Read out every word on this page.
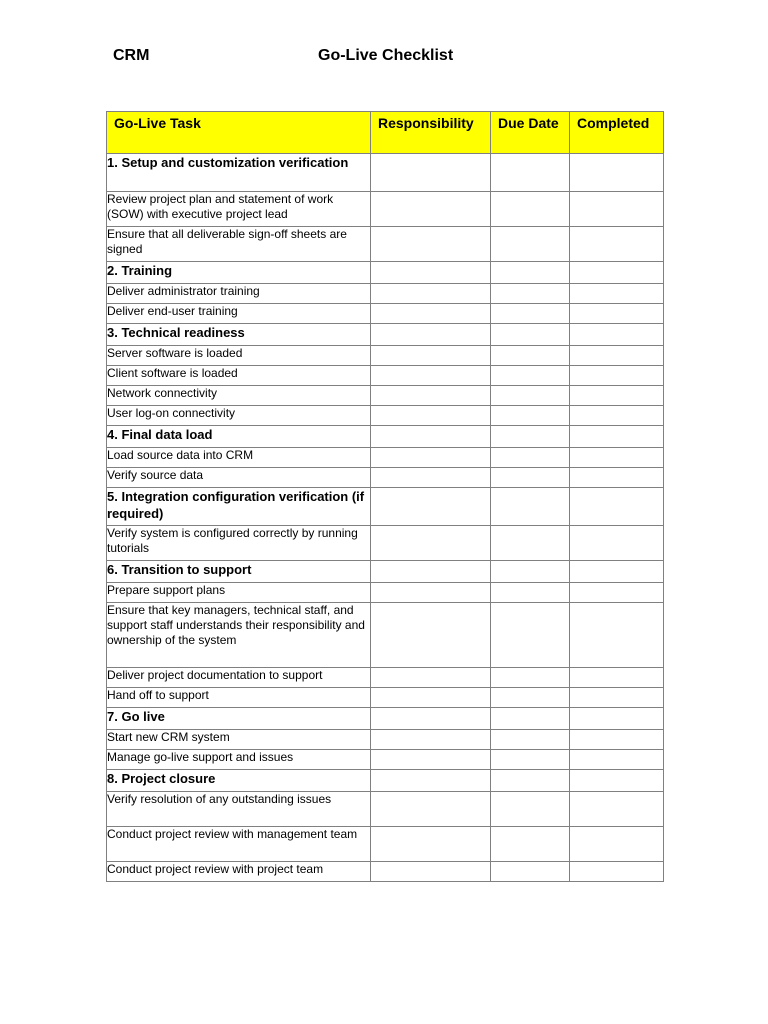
CRM	Go-Live Checklist
Go-Live Task	Responsibility	Due Date	Completed
1. Setup and customization verification			
Review project plan and statement of work (SOW) with executive project lead			
Ensure that all deliverable sign-off sheets are signed			
2. Training			
Deliver administrator training			
Deliver end-user training			
3. Technical readiness			
Server software is loaded			
Client software is loaded			
Network connectivity			
User log-on connectivity			
4. Final data load			
Load source data into CRM			
Verify source data			
5. Integration configuration verification (if required)			
Verify system is configured correctly by running tutorials			
6. Transition to support			
Prepare support plans			
Ensure that key managers, technical staff, and support staff understands their responsibility and ownership of the system			
Deliver project documentation to support			
Hand off to support			
7. Go live			
Start new CRM system			
Manage go-live support and issues			
8. Project closure			
Verify resolution of any outstanding issues			
Conduct project review with management team			
Conduct project review with project team			
